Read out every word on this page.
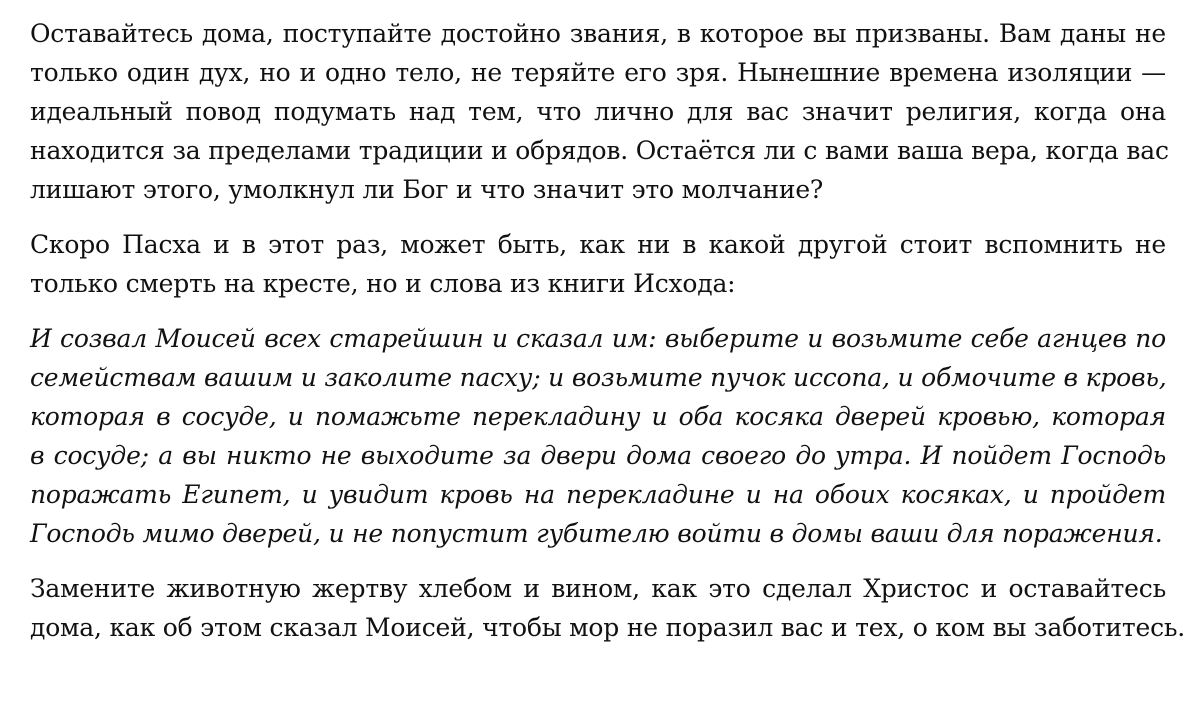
Оставайтесь дома, поступайте достойно звания, в которое вы призваны. Вам даны не
только один дух, но и одно тело, не теряйте его зря. Нынешние времена изоляции —
идеальный повод подумать над тем, что лично для вас значит религия, когда она
находится за пределами традиции и обрядов. Остаётся ли с вами ваша вера, когда вас
лишают этого, умолкнул ли Бог и что значит это молчание?

Скоро Пасха и в этот раз, может быть, как ни в какой другой стоит вспомнить не
только смерть на кресте, но и слова из книги Исхода:

И созвал Моисей всех старейшин и сказал им: выберите и возьмите себе агнцев по
семействам вашим и заколите пасху; и возьмите пучок иссопа, и обмочите в кровь,
которая в сосуде, и помажьте перекладину и оба косяка дверей кровью, которая
в сосуде; а вы никто не выходите за двери дома своего до утра. И пойдет Господь
поражать Египет, и увидит кровь на перекладине и на обоих косяках, и пройдет
Господь мимо дверей, и не попустит губителю войти в домы ваши для поражения.

Замените животную жертву хлебом и вином, как это сделал Христос и оставайтесь
дома, как об этом сказал Моисей, чтобы мор не поразил вас и тех, о ком вы заботитесь.
